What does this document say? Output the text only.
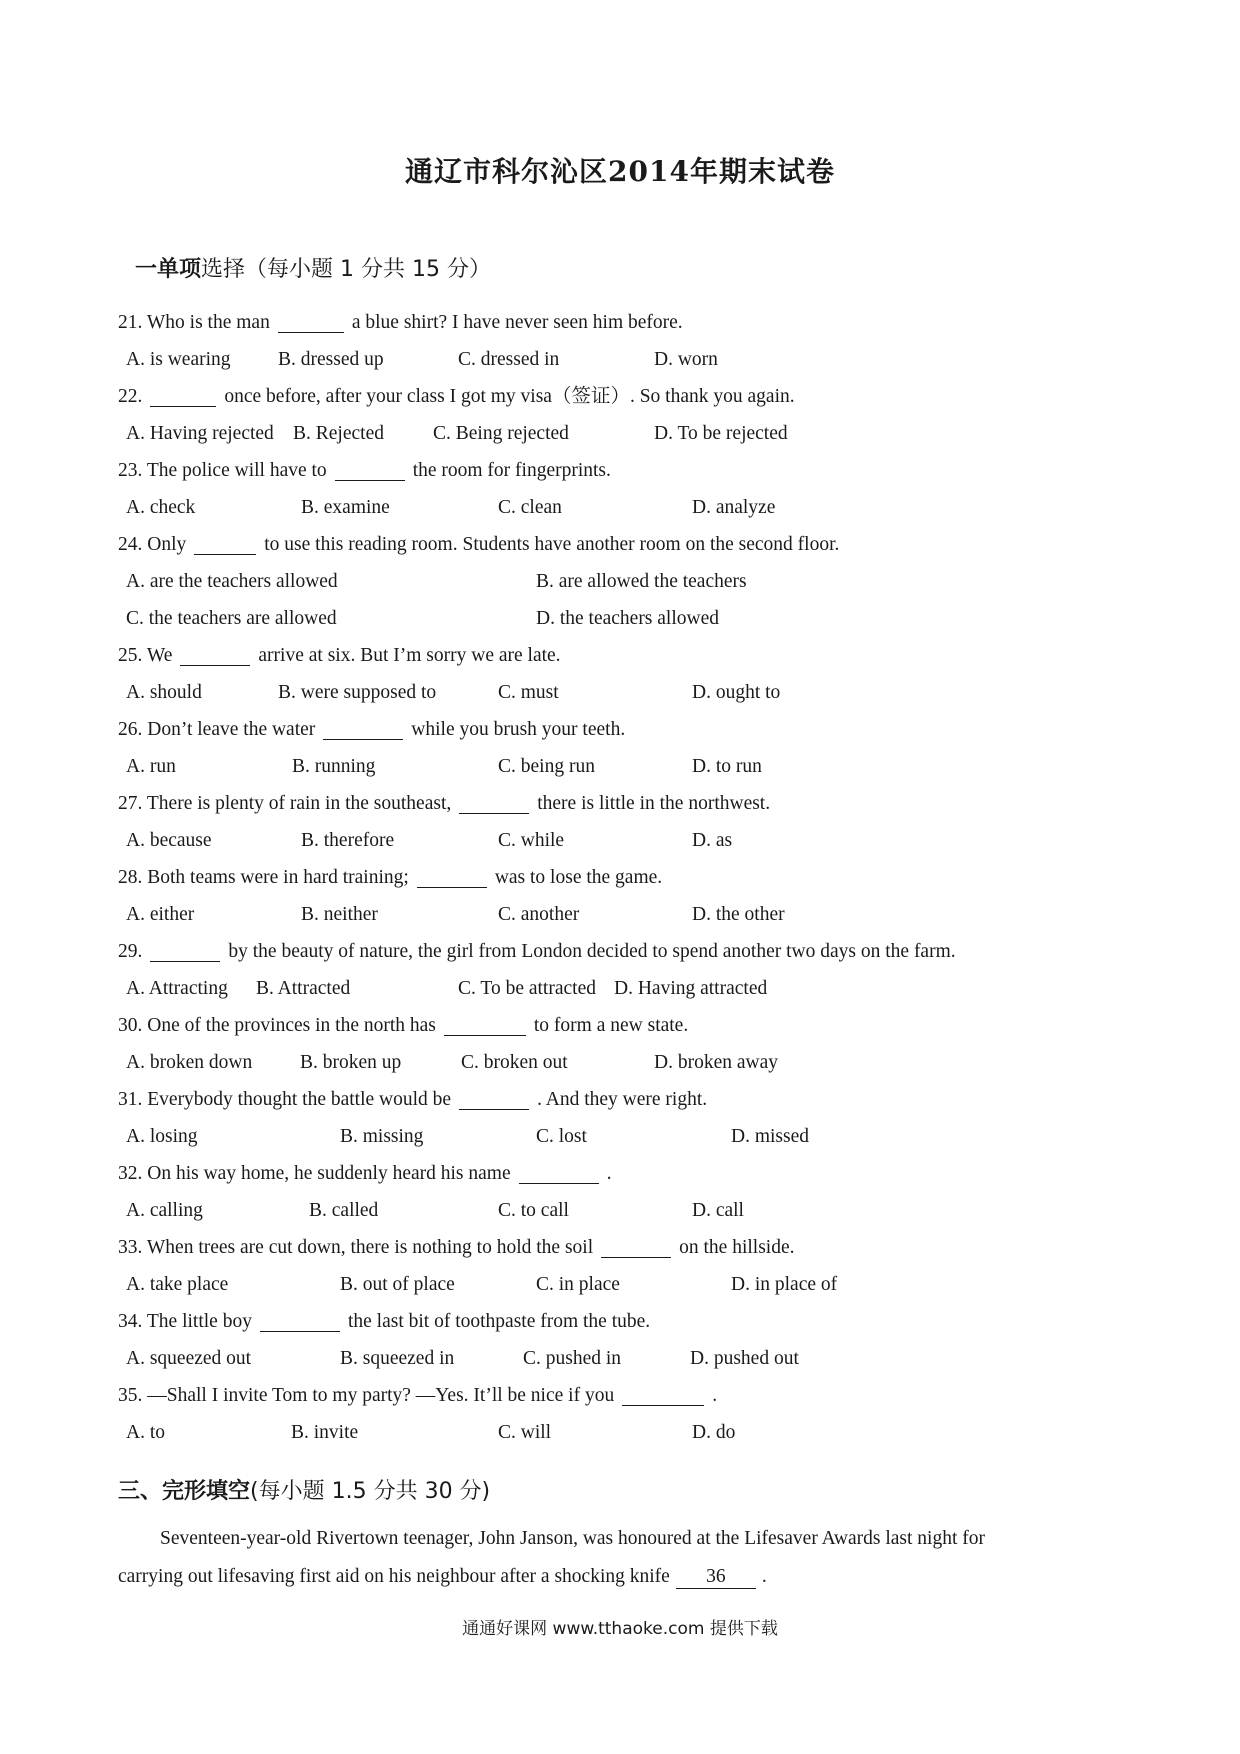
通辽市科尔沁区2014年期末试卷
一单项选择（每小题 1 分共 15 分）
21. Who is the man	a blue shirt? I have never seen him before.
A. is wearing B. dressed up	C. dressed in	D. worn
22.	once before, after your class I got my visa（签证）. So thank you again.
A. Having rejected B. Rejected	C. Being rejected	D. To be rejected
23. The police will have to	the room for fingerprints.
A. check	B. examine	C. clean	D. analyze
24. Only	to use this reading room. Students have another room on the second floor.
A. are the teachers allowed	B. are allowed the teachers
C. the teachers are allowed	D. the teachers allowed
25. We	arrive at six. But I’m sorry we are late.
A. should	B. were supposed to	C. must	D. ought to
26. Don’t leave the water	while you brush your teeth.
A. run	B. running	C. being run	D. to run
27. There is plenty of rain in the southeast,	there is little in the northwest.
A. because	B. therefore	C. while	D. as
28. Both teams were in hard training;	was to lose the game.
A. either	B. neither	C. another	D. the other
29.	by the beauty of nature, the girl from London decided to spend another two days on the farm.
A. Attracting B. Attracted	C. To be attracted D. Having attracted
30. One of the provinces in the north has	to form a new state.
A. broken down B. broken up	C. broken out	D. broken away
31. Everybody thought the battle would be	. And they were right.
A. losing	B. missing	C. lost	D. missed
32. On his way home, he suddenly heard his name	.
A. calling	B. called	C. to call	D. call
33. When trees are cut down, there is nothing to hold the soil	on the hillside.
A. take place	B. out of place	C. in place	D. in place of
34. The little boy	the last bit of toothpaste from the tube.
A. squeezed out	B. squeezed in	C. pushed in	D. pushed out
35. —Shall I invite Tom to my party? —Yes. It’ll be nice if you	.
A. to	B. invite	C. will	D. do
三、完形填空(每小题 1.5 分共 30 分)
Seventeen-year-old Rivertown teenager, John Janson, was honoured at the Lifesaver Awards last night for
carrying out lifesaving first aid on his neighbour after a shocking knife 36 .
通通好课网 www.tthaoke.com 提供下载
